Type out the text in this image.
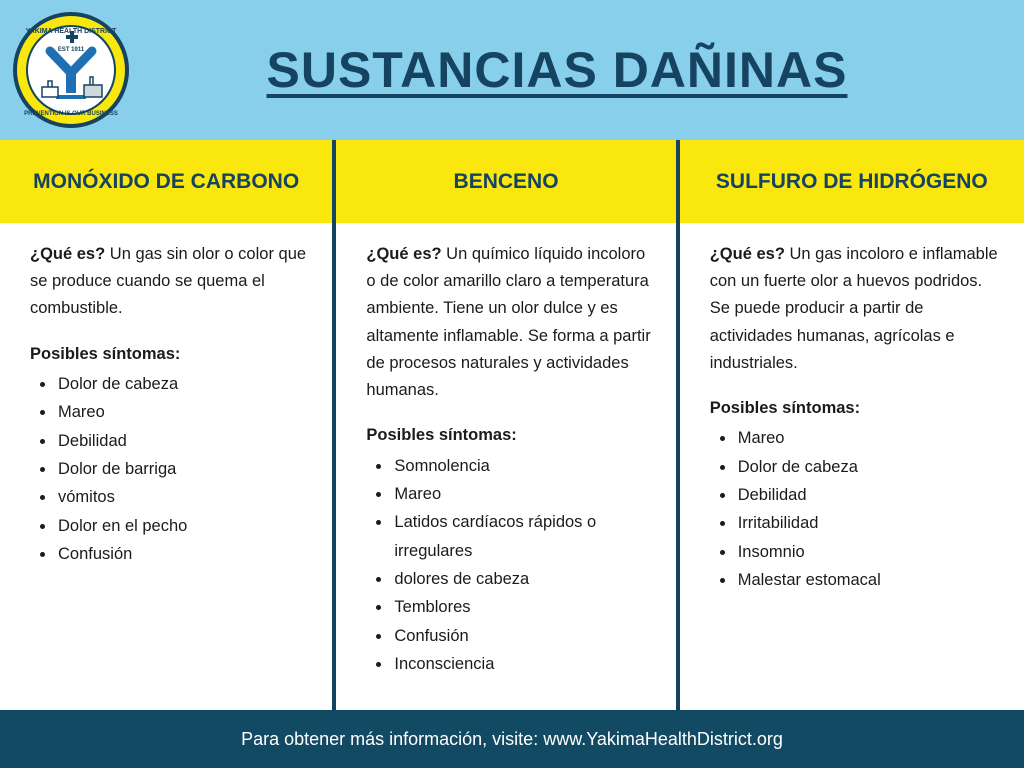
YAKIMA HEALTH DISTRICT
EST 1911
PREVENTION IS OUR BUSINESS
SUSTANCIAS DAÑINAS
MONÓXIDO DE CARBONO	BENCENO	SULFURO DE HIDRÓGENO

¿Qué es? Un gas sin olor o color que se produce cuando se quema el combustible.

Posibles síntomas:

• Dolor de cabeza
• Mareo
• Debilidad
• Dolor de barriga
• vómitos
• Dolor en el pecho
• Confusión

¿Qué es? Un químico líquido incoloro o de color amarillo claro a temperatura ambiente. Tiene un olor dulce y es altamente inflamable. Se forma a partir de procesos naturales y actividades humanas.

Posibles síntomas:

• Somnolencia
• Mareo
• Latidos cardíacos rápidos o irregulares
• dolores de cabeza
• Temblores
• Confusión
• Inconsciencia

¿Qué es? Un gas incoloro e inflamable con un fuerte olor a huevos podridos. Se puede producir a partir de actividades humanas, agrícolas e industriales.

Posibles síntomas:

• Mareo
• Dolor de cabeza
• Debilidad
• Irritabilidad
• Insomnio
• Malestar estomacal
Para obtener más información, visite: www.YakimaHealthDistrict.org
